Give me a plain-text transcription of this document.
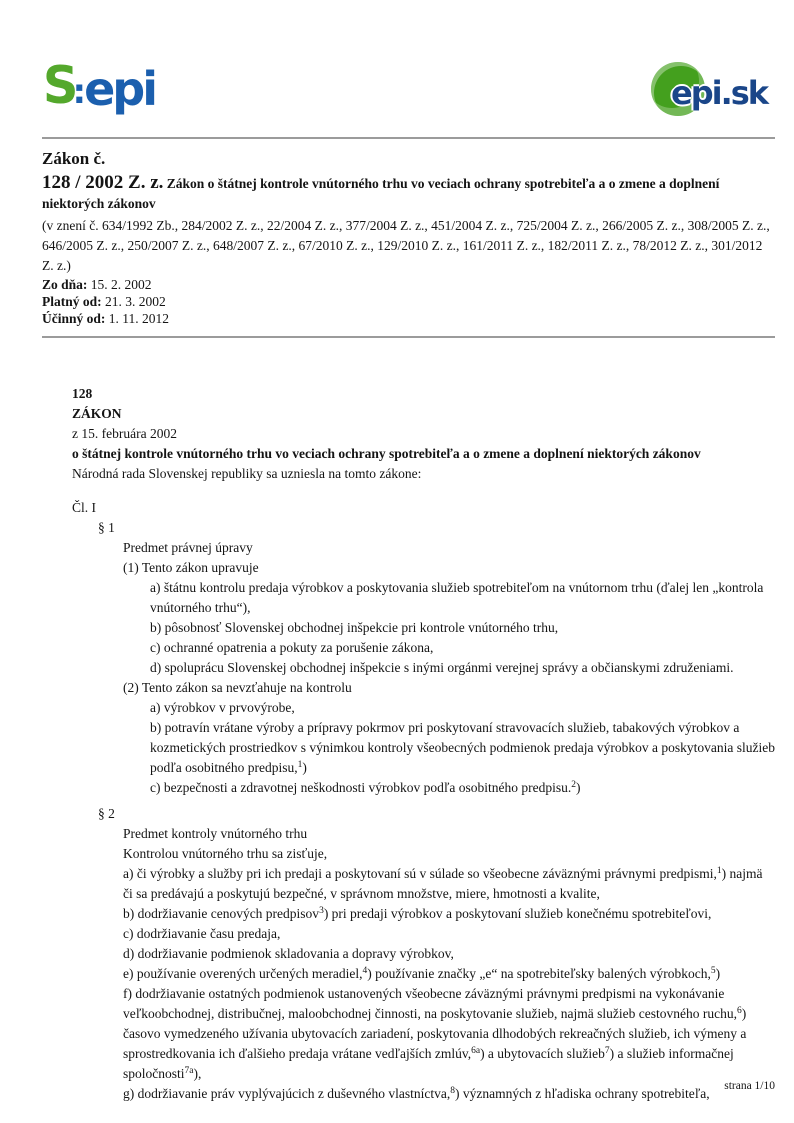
S
:
epi	epi.sk
Zákon č.

128 / 2002 Z. z. Zákon o štátnej kontrole vnútorného trhu vo veciach ochrany spotrebiteľa a o zmene a doplnení niektorých zákonov

(v znení č. 634/1992 Zb., 284/2002 Z. z., 22/2004 Z. z., 377/2004 Z. z., 451/2004 Z. z., 725/2004 Z. z., 266/2005 Z. z., 308/2005 Z. z., 646/2005 Z. z., 250/2007 Z. z., 648/2007 Z. z., 67/2010 Z. z., 129/2010 Z. z., 161/2011 Z. z., 182/2011 Z. z., 78/2012 Z. z., 301/2012 Z. z.)

Zo dňa: 15. 2. 2002
Platný od: 21. 3. 2002
Účinný od: 1. 11. 2012
128
ZÁKON
z 15. februára 2002
o štátnej kontrole vnútorného trhu vo veciach ochrany spotrebiteľa a o zmene a doplnení niektorých zákonov
Národná rada Slovenskej republiky sa uzniesla na tomto zákone:
Čl. I
§ 1
Predmet právnej úpravy
(1) Tento zákon upravuje
a) štátnu kontrolu predaja výrobkov a poskytovania služieb spotrebiteľom na vnútornom trhu (ďalej len „kontrola vnútorného trhu“),
b) pôsobnosť Slovenskej obchodnej inšpekcie pri kontrole vnútorného trhu,
c) ochranné opatrenia a pokuty za porušenie zákona,
d) spoluprácu Slovenskej obchodnej inšpekcie s inými orgánmi verejnej správy a občianskymi združeniami.
(2) Tento zákon sa nevzťahuje na kontrolu
a) výrobkov v prvovýrobe,
b) potravín vrátane výroby a prípravy pokrmov pri poskytovaní stravovacích služieb, tabakových výrobkov a kozmetických prostriedkov s výnimkou kontroly všeobecných podmienok predaja výrobkov a poskytovania služieb podľa osobitného predpisu,$^1$)
c) bezpečnosti a zdravotnej neškodnosti výrobkov podľa osobitného predpisu.$^2$)
§ 2
Predmet kontroly vnútorného trhu
Kontrolou vnútorného trhu sa zisťuje,
a) či výrobky a služby pri ich predaji a poskytovaní sú v súlade so všeobecne záväznými právnymi predpismi,$^1$) najmä či sa predávajú a poskytujú bezpečné, v správnom množstve, miere, hmotnosti a kvalite,
b) dodržiavanie cenových predpisov$^3$) pri predaji výrobkov a poskytovaní služieb konečnému spotrebiteľovi,
c) dodržiavanie času predaja,
d) dodržiavanie podmienok skladovania a dopravy výrobkov,
e) používanie overených určených meradiel,$^4$) používanie značky „e“ na spotrebiteľsky balených výrobkoch,$^5$)
f) dodržiavanie ostatných podmienok ustanovených všeobecne záväznými právnymi predpismi na vykonávanie veľkoobchodnej, distribučnej, maloobchodnej činnosti, na poskytovanie služieb, najmä služieb cestovného ruchu,$^6$) časovo vymedzeného užívania ubytovacích zariadení, poskytovania dlhodobých rekreačných služieb, ich výmeny a sprostredkovania ich ďalšieho predaja vrátane vedľajších zmlúv,$^{6a}$) a ubytovacích služieb$^7$) a služieb informačnej spoločnosti$^{7a}$),
g) dodržiavanie práv vyplývajúcich z duševného vlastníctva,$^8$) významných z hľadiska ochrany spotrebiteľa,	strana 1/10
